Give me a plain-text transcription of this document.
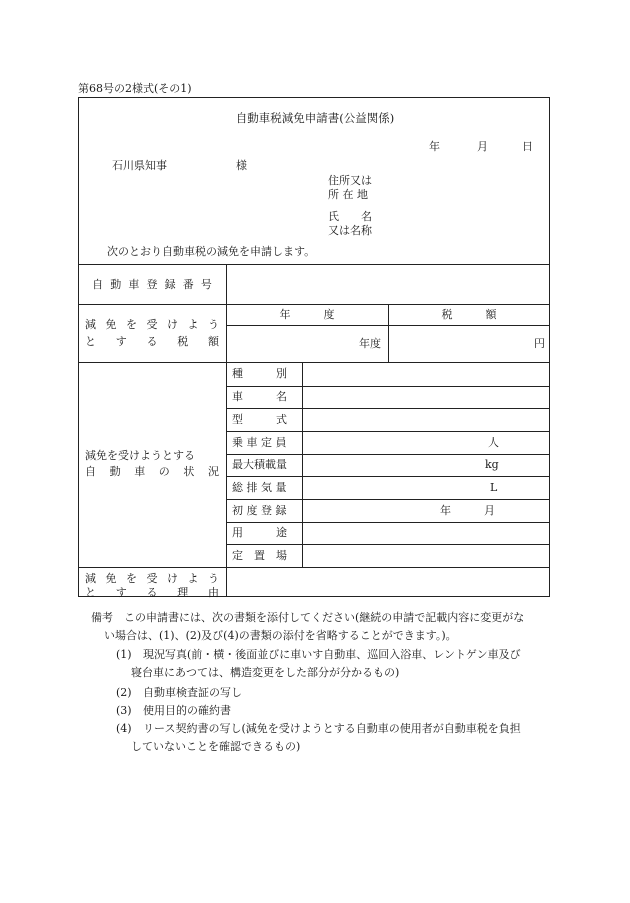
第68号の2様式(その1)
自動車税減免申請書(公益関係)
年	月	日
石川県知事	様
住所又は
所 在 地
氏　　名
又は名称
次のとおり自動車税の減免を申請します。
自 動 車 登 録 番 号
減 免 を 受 け よ う
と す る 税 額
年　　　度	税　　　額
年度	円
減免を受けようとする
自 動 車 の 状 況
種　　　別
車　　　名
型　　　式
乗 車 定 員	人
最大積載量	kg
総 排 気 量	L
初 度 登 録	年　　　月
用　　　途
定　置　場
減 免 を 受 け よ う
と す る 理 由
備考　この申請書には、次の書類を添付してください(継続の申請で記載内容に変更がな
い場合は、(1)、(2)及び(4)の書類の添付を省略することができます。)。
(1) 現況写真(前・横・後面並びに車いす自動車、巡回入浴車、レントゲン車及び
寝台車にあつては、構造変更をした部分が分かるもの)
(2) 自動車検査証の写し
(3) 使用目的の確約書
(4) リース契約書の写し(減免を受けようとする自動車の使用者が自動車税を負担
していないことを確認できるもの)
